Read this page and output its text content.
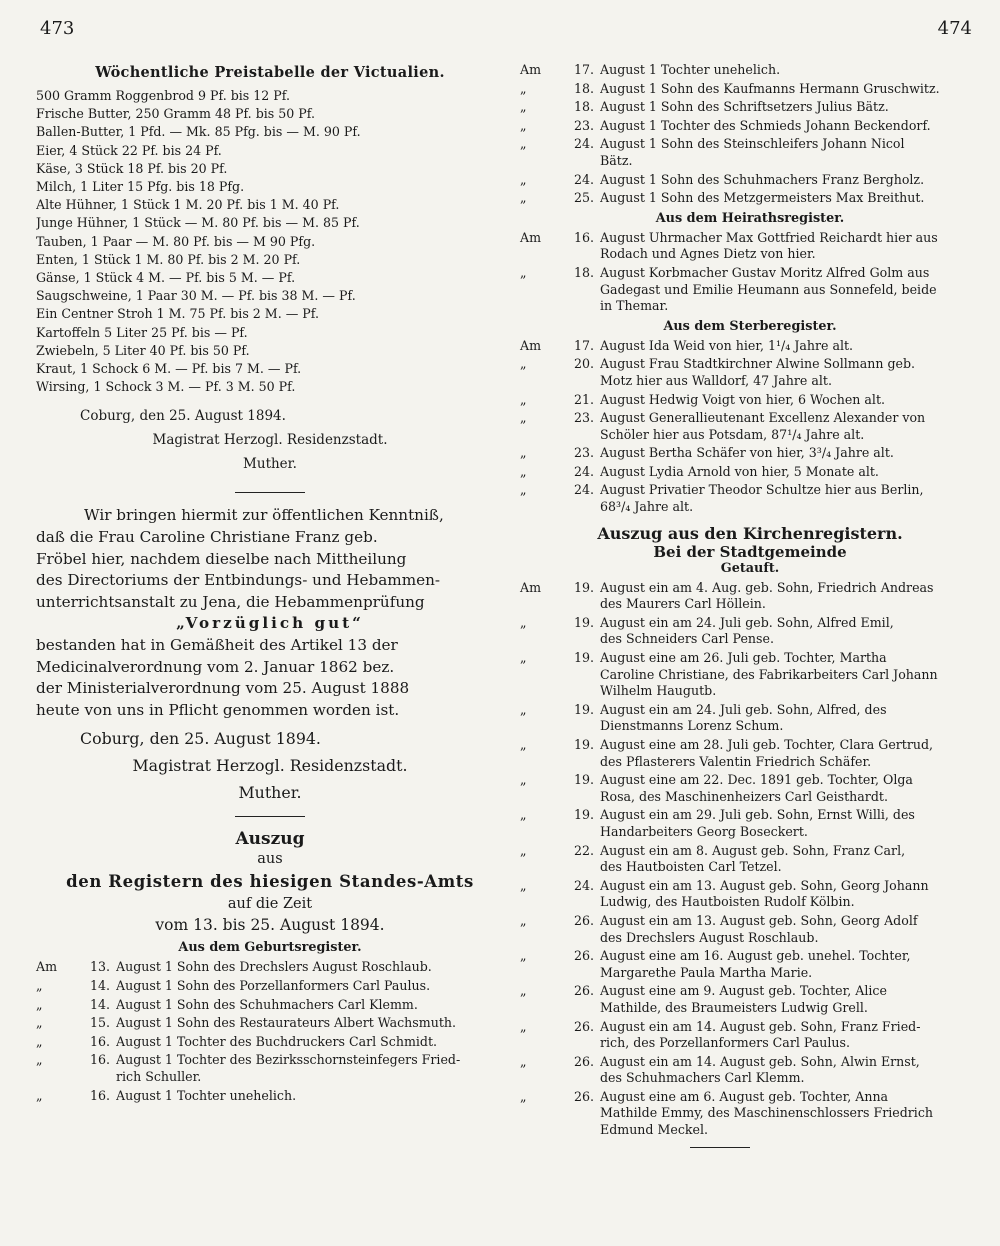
473	474
Wöchentliche Preistabelle der Victualien.
500 Gramm Roggenbrod 9 Pf. bis 12 Pf.
Frische Butter, 250 Gramm 48 Pf. bis 50 Pf.
Ballen-Butter, 1 Pfd. — Mk. 85 Pfg. bis — M. 90 Pf.
Eier, 4 Stück 22 Pf. bis 24 Pf.
Käse, 3 Stück 18 Pf. bis 20 Pf.
Milch, 1 Liter 15 Pfg. bis 18 Pfg.
Alte Hühner, 1 Stück 1 M. 20 Pf. bis 1 M. 40 Pf.
Junge Hühner, 1 Stück — M. 80 Pf. bis — M. 85 Pf.
Tauben, 1 Paar — M. 80 Pf. bis — M 90 Pfg.
Enten, 1 Stück 1 M. 80 Pf. bis 2 M. 20 Pf.
Gänse, 1 Stück 4 M. — Pf. bis 5 M. — Pf.
Saugschweine, 1 Paar 30 M. — Pf. bis 38 M. — Pf.
Ein Centner Stroh 1 M. 75 Pf. bis 2 M. — Pf.
Kartoffeln 5 Liter 25 Pf. bis — Pf.
Zwiebeln, 5 Liter 40 Pf. bis 50 Pf.
Kraut, 1 Schock 6 M. — Pf. bis 7 M. — Pf.
Wirsing, 1 Schock 3 M. — Pf. 3 M. 50 Pf.
Coburg, den 25. August 1894.
Magistrat Herzogl. Residenzstadt.
Muther.
Wir bringen hiermit zur öffentlichen Kenntniß,
daß die Frau Caroline Christiane Franz geb.
Fröbel hier, nachdem dieselbe nach Mittheilung
des Directoriums der Entbindungs- und Hebammen-
unterrichtsanstalt zu Jena, die Hebammenprüfung
„Vorzüglich gut“
bestanden hat in Gemäßheit des Artikel 13 der
Medicinalverordnung vom 2. Januar 1862 bez.
der Ministerialverordnung vom 25. August 1888
heute von uns in Pflicht genommen worden ist.
Coburg, den 25. August 1894.
Magistrat Herzogl. Residenzstadt.
Muther.
Auszug
aus
den Registern des hiesigen Standes-Amts
auf die Zeit
vom 13. bis 25. August 1894.
Aus dem Geburtsregister.
Am	13. August 1 Sohn des Drechslers August Roschlaub.
„	14. August 1 Sohn des Porzellanformers Carl Paulus.
„	14. August 1 Sohn des Schuhmachers Carl Klemm.
„	15. August 1 Sohn des Restaurateurs Albert Wachsmuth.
„	16. August 1 Tochter des Buchdruckers Carl Schmidt.
„	16. August 1 Tochter des Bezirksschornsteinfegers Fried-
rich Schuller.
„	16. August 1 Tochter unehelich.
Am	17. August 1 Tochter unehelich.
„	18. August 1 Sohn des Kaufmanns Hermann Gruschwitz.
„	18. August 1 Sohn des Schriftsetzers Julius Bätz.
„	23. August 1 Tochter des Schmieds Johann Beckendorf.
„	24. August 1 Sohn des Steinschleifers Johann Nicol
Bätz.
„	24. August 1 Sohn des Schuhmachers Franz Bergholz.
„	25. August 1 Sohn des Metzgermeisters Max Breithut.
Aus dem Heirathsregister.
Am	16. August Uhrmacher Max Gottfried Reichardt hier aus
Rodach und Agnes Dietz von hier.
„	18. August Korbmacher Gustav Moritz Alfred Golm aus
Gadegast und Emilie Heumann aus Sonnefeld, beide
in Themar.
Aus dem Sterberegister.
Am	17. August Ida Weid von hier, 1¹/₄ Jahre alt.
„	20. August Frau Stadtkirchner Alwine Sollmann geb.
Motz hier aus Walldorf, 47 Jahre alt.
„	21. August Hedwig Voigt von hier, 6 Wochen alt.
„	23. August Generallieutenant Excellenz Alexander von
Schöler hier aus Potsdam, 87¹/₄ Jahre alt.
„	23. August Bertha Schäfer von hier, 3³/₄ Jahre alt.
„	24. August Lydia Arnold von hier, 5 Monate alt.
„	24. August Privatier Theodor Schultze hier aus Berlin,
68³/₄ Jahre alt.
Auszug aus den Kirchenregistern.
Bei der Stadtgemeinde
Getauft.
Am	19. August ein am 4. Aug. geb. Sohn, Friedrich Andreas
des Maurers Carl Höllein.
„	19. August ein am 24. Juli geb. Sohn, Alfred Emil,
des Schneiders Carl Pense.
„	19. August eine am 26. Juli geb. Tochter, Martha
Caroline Christiane, des Fabrikarbeiters Carl Johann
Wilhelm Haugutb.
„	19. August ein am 24. Juli geb. Sohn, Alfred, des
Dienstmanns Lorenz Schum.
„	19. August eine am 28. Juli geb. Tochter, Clara Gertrud,
des Pflasterers Valentin Friedrich Schäfer.
„	19. August eine am 22. Dec. 1891 geb. Tochter, Olga
Rosa, des Maschinenheizers Carl Geisthardt.
„	19. August ein am 29. Juli geb. Sohn, Ernst Willi, des
Handarbeiters Georg Boseckert.
„	22. August ein am 8. August geb. Sohn, Franz Carl,
des Hautboisten Carl Tetzel.
„	24. August ein am 13. August geb. Sohn, Georg Johann
Ludwig, des Hautboisten Rudolf Kölbin.
„	26. August ein am 13. August geb. Sohn, Georg Adolf
des Drechslers August Roschlaub.
„	26. August eine am 16. August geb. unehel. Tochter,
Margarethe Paula Martha Marie.
„	26. August eine am 9. August geb. Tochter, Alice
Mathilde, des Braumeisters Ludwig Grell.
„	26. August ein am 14. August geb. Sohn, Franz Fried-
rich, des Porzellanformers Carl Paulus.
„	26. August ein am 14. August geb. Sohn, Alwin Ernst,
des Schuhmachers Carl Klemm.
„	26. August eine am 6. August geb. Tochter, Anna
Mathilde Emmy, des Maschinenschlossers Friedrich
Edmund Meckel.
